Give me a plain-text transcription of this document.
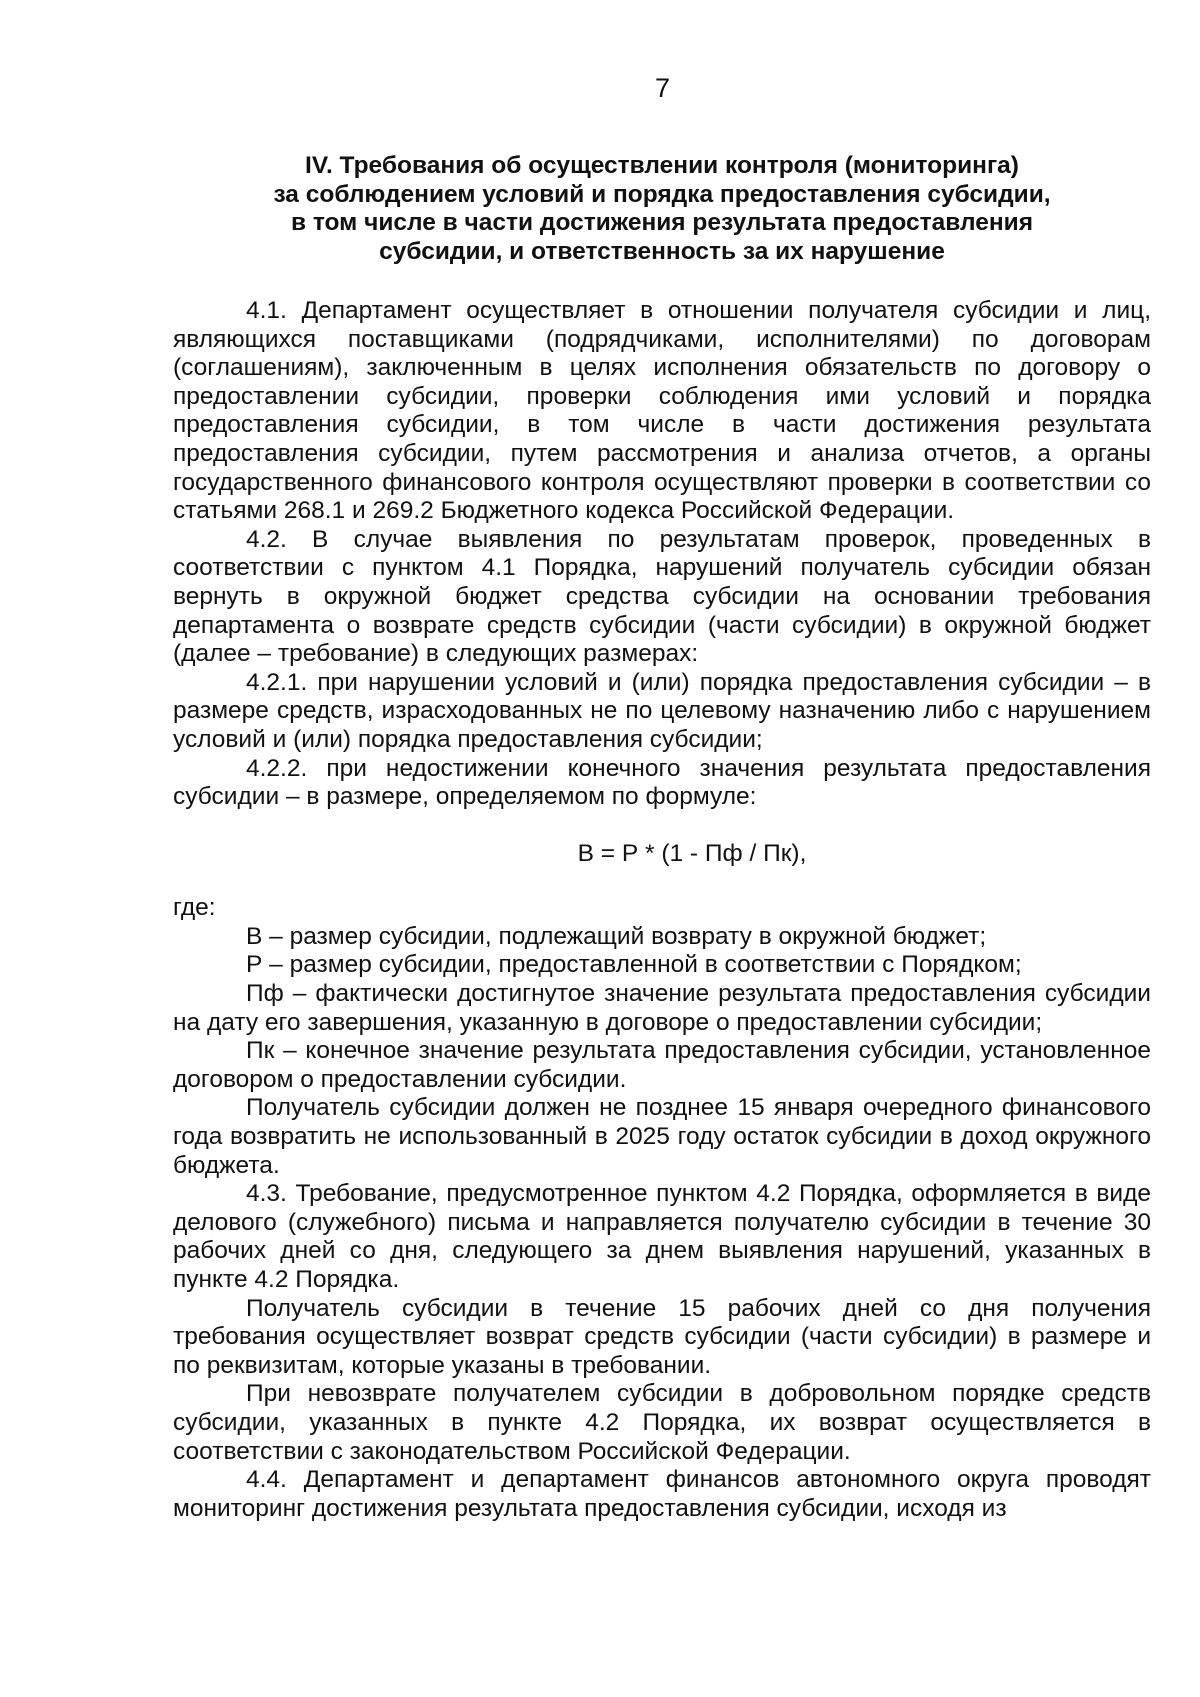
7
IV. Требования об осуществлении контроля (мониторинга)
за соблюдением условий и порядка предоставления субсидии,
в том числе в части достижения результата предоставления
субсидии, и ответственность за их нарушение

4.1. Департамент осуществляет в отношении получателя субсидии и лиц, являющихся поставщиками (подрядчиками, исполнителями) по договорам (соглашениям), заключенным в целях исполнения обязательств по договору о предоставлении субсидии, проверки соблюдения ими условий и порядка предоставления субсидии, в том числе в части достижения результата предоставления субсидии, путем рассмотрения и анализа отчетов, а органы государственного финансового контроля осуществляют проверки в соответствии со статьями 268.1 и 269.2 Бюджетного кодекса Российской Федерации.

4.2. В случае выявления по результатам проверок, проведенных в соответствии с пунктом 4.1 Порядка, нарушений получатель субсидии обязан вернуть в окружной бюджет средства субсидии на основании требования департамента о возврате средств субсидии (части субсидии) в окружной бюджет (далее – требование) в следующих размерах:

4.2.1. при нарушении условий и (или) порядка предоставления субсидии – в размере средств, израсходованных не по целевому назначению либо с нарушением условий и (или) порядка предоставления субсидии;

4.2.2. при недостижении конечного значения результата предоставления субсидии – в размере, определяемом по формуле:

В = Р * (1 - Пф / Пк),

где:

В – размер субсидии, подлежащий возврату в окружной бюджет;

Р – размер субсидии, предоставленной в соответствии с Порядком;

Пф – фактически достигнутое значение результата предоставления субсидии на дату его завершения, указанную в договоре о предоставлении субсидии;

Пк – конечное значение результата предоставления субсидии, установленное договором о предоставлении субсидии.

Получатель субсидии должен не позднее 15 января очередного финансового года возвратить не использованный в 2025 году остаток субсидии в доход окружного бюджета.

4.3. Требование, предусмотренное пунктом 4.2 Порядка, оформляется в виде делового (служебного) письма и направляется получателю субсидии в течение 30 рабочих дней со дня, следующего за днем выявления нарушений, указанных в пункте 4.2 Порядка.

Получатель субсидии в течение 15 рабочих дней со дня получения требования осуществляет возврат средств субсидии (части субсидии) в размере и по реквизитам, которые указаны в требовании.

При невозврате получателем субсидии в добровольном порядке средств субсидии, указанных в пункте 4.2 Порядка, их возврат осуществляется в соответствии с законодательством Российской Федерации.

4.4. Департамент и департамент финансов автономного округа проводят мониторинг достижения результата предоставления субсидии, исходя из
